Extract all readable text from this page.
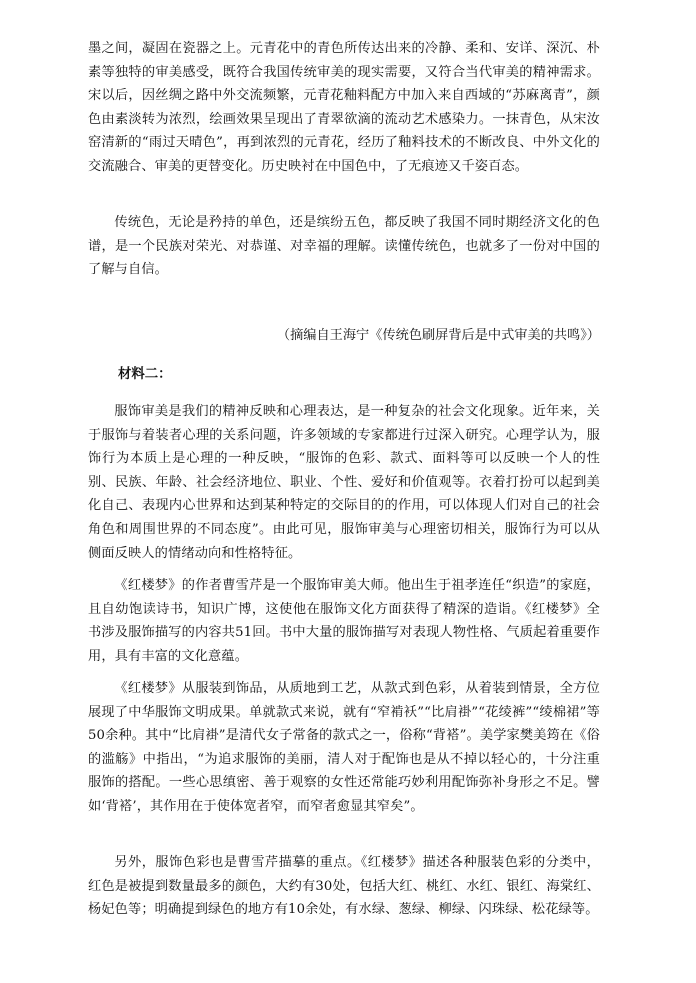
墨之间，凝固在瓷器之上。元青花中的青色所传达出来的冷静、柔和、安详、深沉、朴素等独特的审美感受，既符合我国传统审美的现实需要，又符合当代审美的精神需求。宋以后，因丝绸之路中外交流频繁，元青花釉料配方中加入来自西域的“苏麻离青”，颜色由素淡转为浓烈，绘画效果呈现出了青翠欲滴的流动艺术感染力。一抹青色，从宋汝窑清新的“雨过天晴色”，再到浓烈的元青花，经历了釉料技术的不断改良、中外文化的交流融合、审美的更替变化。历史映衬在中国色中，了无痕迹又千姿百态。

传统色，无论是矜持的单色，还是缤纷五色，都反映了我国不同时期经济文化的色谱，是一个民族对荣光、对恭谨、对幸福的理解。读懂传统色，也就多了一份对中国的了解与自信。

（摘编自王海宁《传统色刷屏背后是中式审美的共鸣》）

材料二：

服饰审美是我们的精神反映和心理表达，是一种复杂的社会文化现象。近年来，关于服饰与着装者心理的关系问题，许多领域的专家都进行过深入研究。心理学认为，服饰行为本质上是心理的一种反映，“服饰的色彩、款式、面料等可以反映一个人的性别、民族、年龄、社会经济地位、职业、个性、爱好和价值观等。衣着打扮可以起到美化自己、表现内心世界和达到某种特定的交际目的的作用，可以体现人们对自己的社会角色和周围世界的不同态度”。由此可见，服饰审美与心理密切相关，服饰行为可以从侧面反映人的情绪动向和性格特征。

《红楼梦》的作者曹雪芹是一个服饰审美大师。他出生于祖孝连任“织造”的家庭，且自幼饱读诗书，知识广博，这使他在服饰文化方面获得了精深的造诣。《红楼梦》全书涉及服饰描写的内容共51回。书中大量的服饰描写对表现人物性格、气质起着重要作用，具有丰富的文化意蕴。

《红楼梦》从服装到饰品，从质地到工艺，从款式到色彩，从着装到情景，全方位展现了中华服饰文明成果。单就款式来说，就有“窄褃袄”“比肩褂”“花绫裤”“绫棉裙”等50余种。其中“比肩褂”是清代女子常备的款式之一，俗称“背褡”。美学家樊美筠在《俗的滥觞》中指出，“为追求服饰的美丽，清人对于配饰也是从不掉以轻心的，十分注重服饰的搭配。一些心思缜密、善于观察的女性还常能巧妙利用配饰弥补身形之不足。譬如‘背褡’，其作用在于使体宽者窄，而窄者愈显其窄矣”。

另外，服饰色彩也是曹雪芹描摹的重点。《红楼梦》描述各种服装色彩的分类中，红色是被提到数量最多的颜色，大约有30处，包括大红、桃红、水红、银红、海棠红、杨妃色等；明确提到绿色的地方有10余处，有水绿、葱绿、柳绿、闪珠绿、松花绿等。
